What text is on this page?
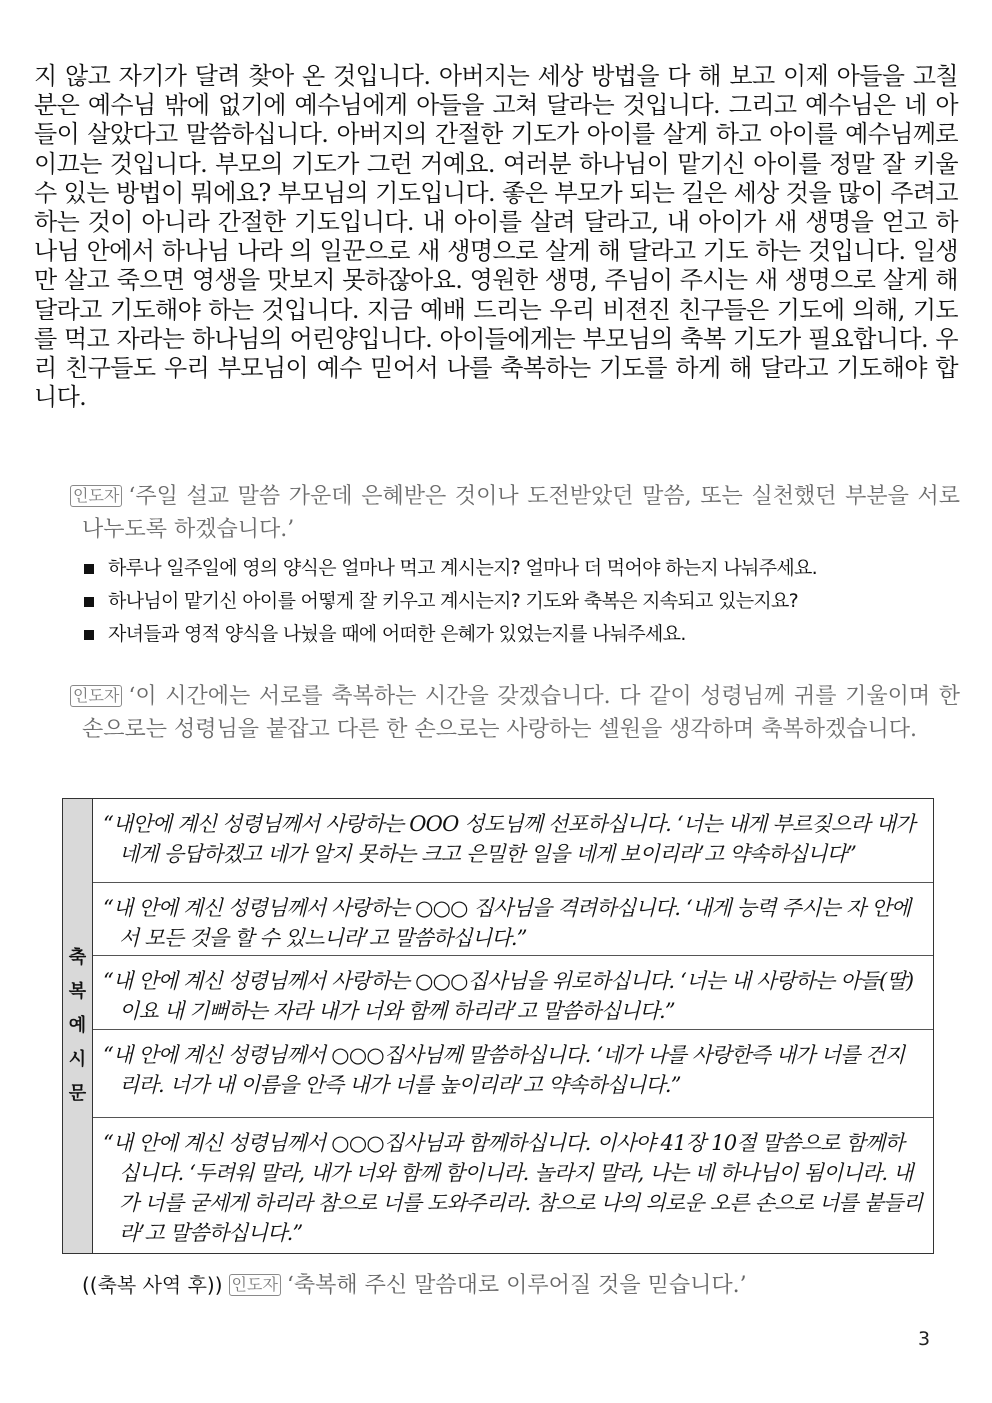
지 않고 자기가 달려 찾아 온 것입니다. 아버지는 세상 방법을 다 해 보고 이제 아들을 고칠 분은 예수님 밖에 없기에 예수님에게 아들을 고쳐 달라는 것입니다. 그리고 예수님은 네 아들이 살았다고 말씀하십니다. 아버지의 간절한 기도가 아이를 살게 하고 아이를 예수님께로 이끄는 것입니다. 부모의 기도가 그런 거예요. 여러분 하나님이 맡기신 아이를 정말 잘 키울 수 있는 방법이 뭐에요? 부모님의 기도입니다. 좋은 부모가 되는 길은 세상 것을 많이 주려고 하는 것이 아니라 간절한 기도입니다. 내 아이를 살려 달라고, 내 아이가 새 생명을 얻고 하나님 안에서 하나님 나라 의 일꾼으로 새 생명으로 살게 해 달라고 기도 하는 것입니다. 일생만 살고 죽으면 영생을 맛보지 못하잖아요. 영원한 생명, 주님이 주시는 새 생명으로 살게 해 달라고 기도해야 하는 것입니다. 지금 예배 드리는 우리 비젼진 친구들은 기도에 의해, 기도를 먹고 자라는 하나님의 어린양입니다. 아이들에게는 부모님의 축복 기도가 필요합니다. 우리 친구들도 우리 부모님이 예수 믿어서 나를 축복하는 기도를 하게 해 달라고 기도해야 합니다.

인도자 ‘주일 설교 말씀 가운데 은혜받은 것이나 도전받았던 말씀, 또는 실천했던 부분을 서로 나누도록 하겠습니다.’

하루나 일주일에 영의 양식은 얼마나 먹고 계시는지? 얼마나 더 먹어야 하는지 나눠주세요.
하나님이 맡기신 아이를 어떻게 잘 키우고 계시는지? 기도와 축복은 지속되고 있는지요?
자녀들과 영적 양식을 나눴을 때에 어떠한 은혜가 있었는지를 나눠주세요.

인도자 ‘이 시간에는 서로를 축복하는 시간을 갖겠습니다. 다 같이 성령님께 귀를 기울이며 한 손으로는 성령님을 붙잡고 다른 한 손으로는 사랑하는 셀원을 생각하며 축복하겠습니다.

축
복
예
시
문

“내안에 계신 성령님께서 사랑하는 OOO 성도님께 선포하십니다. ‘너는 내게 부르짖으라 내가 네게 응답하겠고 네가 알지 못하는 크고 은밀한 일을 네게 보이리라’고 약속하십니다”

“내 안에 계신 성령님께서 사랑하는 ○○○ 집사님을 격려하십니다. ‘내게 능력 주시는 자 안에서 모든 것을 할 수 있느니라’고 말씀하십니다.”

“내 안에 계신 성령님께서 사랑하는 ○○○집사님을 위로하십니다. ‘너는 내 사랑하는 아들(딸)이요 내 기뻐하는 자라 내가 너와 함께 하리라’고 말씀하십니다.”

“내 안에 계신 성령님께서 ○○○집사님께 말씀하십니다. ‘네가 나를 사랑한즉 내가 너를 건지리라. 너가 내 이름을 안즉 내가 너를 높이리라’고 약속하십니다.”

“내 안에 계신 성령님께서 ○○○집사님과 함께하십니다. 이사야 41장 10절 말씀으로 함께하십니다. ‘두려워 말라, 내가 너와 함께 함이니라. 놀라지 말라, 나는 네 하나님이 됨이니라. 내가 너를 굳세게 하리라 참으로 너를 도와주리라. 참으로 나의 의로운 오른 손으로 너를 붙들리라’고 말씀하십니다.”

((축복 사역 후)) 인도자 ‘축복해 주신 말씀대로 이루어질 것을 믿습니다.’

3
